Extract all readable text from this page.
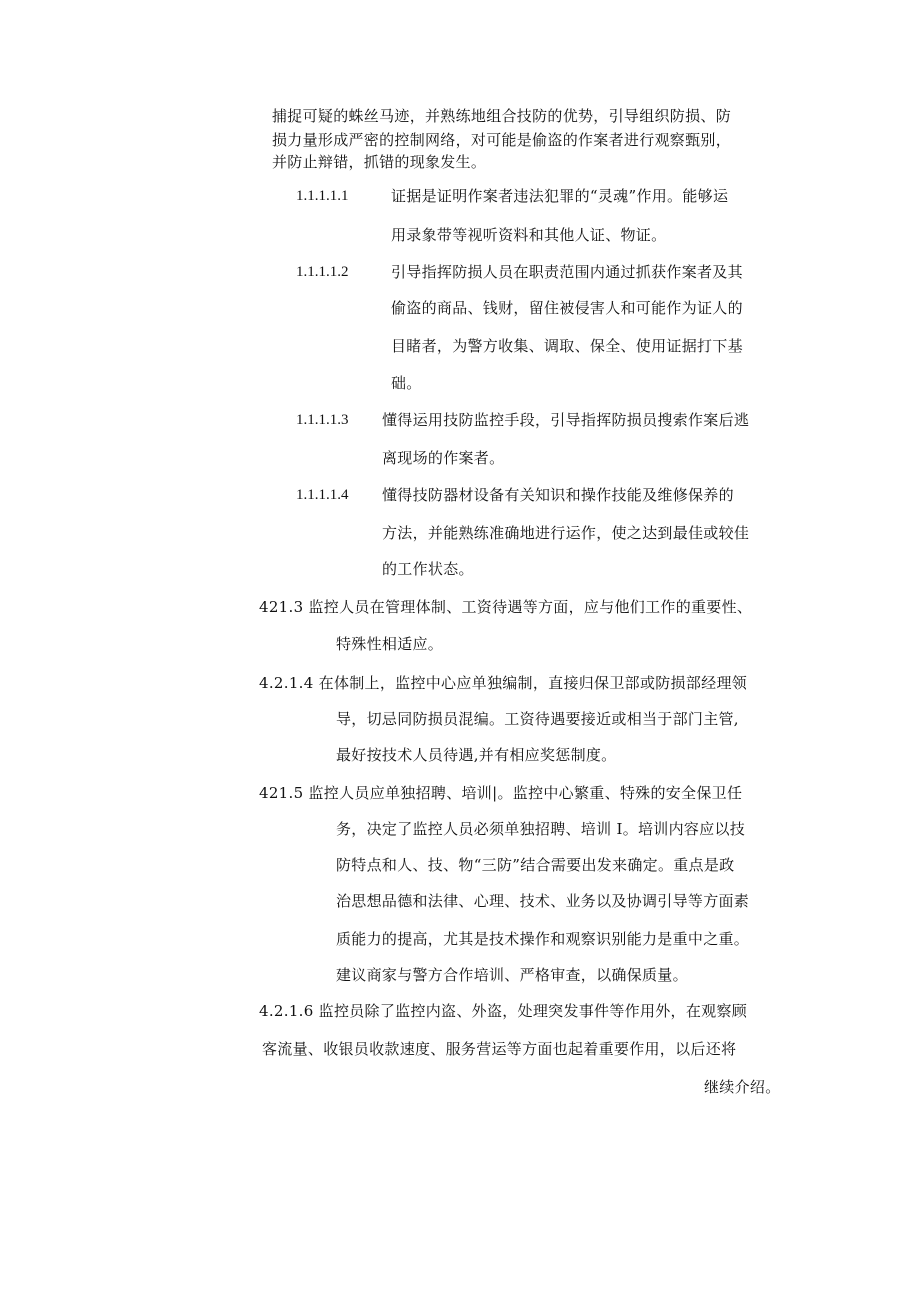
捕捉可疑的蛛丝马迹，并熟练地组合技防的优势，引导组织防损、防
损力量形成严密的控制网络，对可能是偷盗的作案者进行观察甄别，
并防止辩错，抓错的现象发生。
1.1.1.1.1	证据是证明作案者违法犯罪的“灵魂”作用。能够运
用录象带等视听资料和其他人证、物证。
1.1.1.1.2	引导指挥防损人员在职责范围内通过抓获作案者及其
偷盗的商品、钱财，留住被侵害人和可能作为证人的
目睹者，为警方收集、调取、保全、使用证据打下基
础。
1.1.1.1.3 懂得运用技防监控手段，引导指挥防损员搜索作案后逃
离现场的作案者。
1.1.1.1.4 懂得技防器材设备有关知识和操作技能及维修保养的
方法，并能熟练准确地进行运作，使之达到最佳或较佳
的工作状态。
421.3 监控人员在管理体制、工资待遇等方面，应与他们工作的重要性、
特殊性相适应。
4.2.1.4 在体制上，监控中心应单独编制，直接归保卫部或防损部经理领
导，切忌同防损员混编。工资待遇要接近或相当于部门主管,
最好按技术人员待遇,并有相应奖惩制度。
421.5 监控人员应单独招聘、培训|。监控中心繁重、特殊的安全保卫任
务，决定了监控人员必须单独招聘、培训 I。培训内容应以技
防特点和人、技、物“三防”结合需要出发来确定。重点是政
治思想品德和法律、心理、技术、业务以及协调引导等方面素
质能力的提高，尤其是技术操作和观察识别能力是重中之重。
建议商家与警方合作培训、严格审查，以确保质量。
4.2.1.6 监控员除了监控内盗、外盗，处理突发事件等作用外，在观察顾
客流量、收银员收款速度、服务营运等方面也起着重要作用，以后还将
继续介绍。
